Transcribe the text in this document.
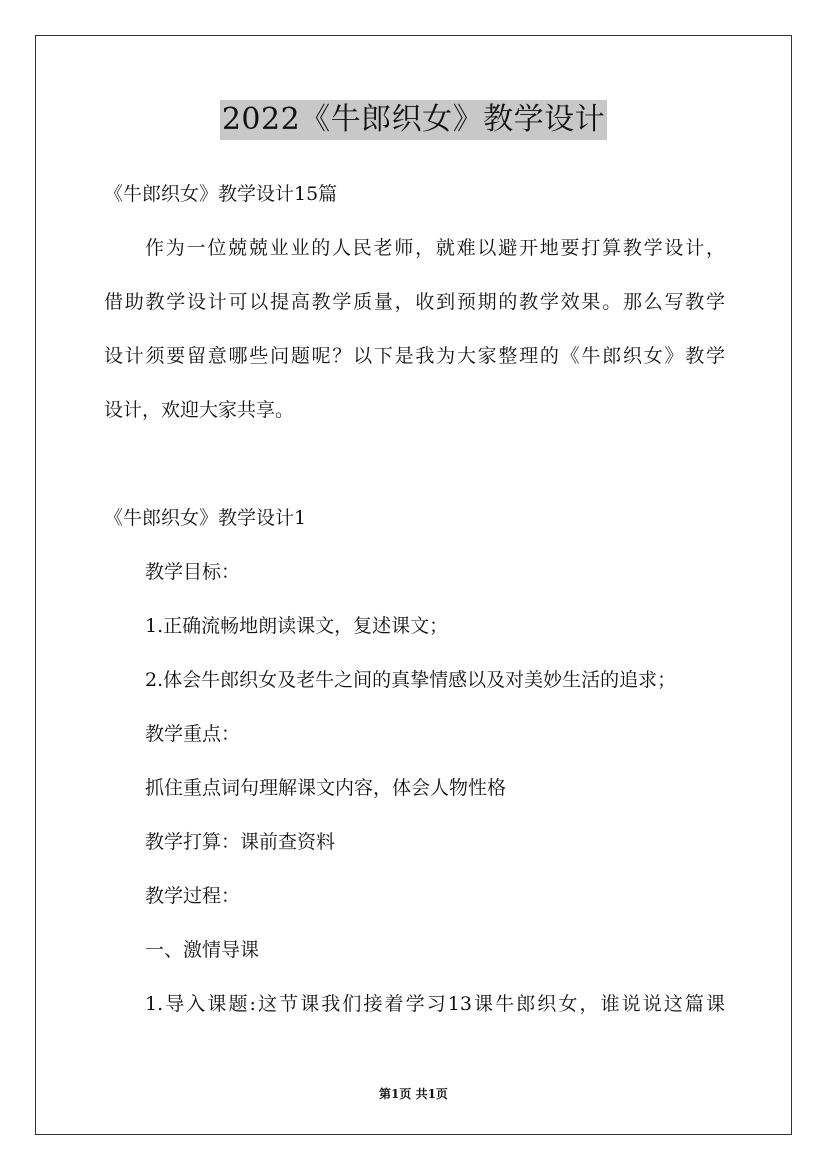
2022《牛郎织女》教学设计
《牛郎织女》教学设计15篇
作为一位兢兢业业的人民老师，就难以避开地要打算教学设计，
借助教学设计可以提高教学质量，收到预期的教学效果。那么写教学
设计须要留意哪些问题呢？以下是我为大家整理的《牛郎织女》教学
设计，欢迎大家共享。
《牛郎织女》教学设计1
教学目标：
1.正确流畅地朗读课文，复述课文；
2.体会牛郎织女及老牛之间的真挚情感以及对美妙生活的追求；
教学重点：
抓住重点词句理解课文内容，体会人物性格
教学打算：课前查资料
教学过程：
一、激情导课
1.导入课题:这节课我们接着学习13课牛郎织女，谁说说这篇课
第1页 共1页
